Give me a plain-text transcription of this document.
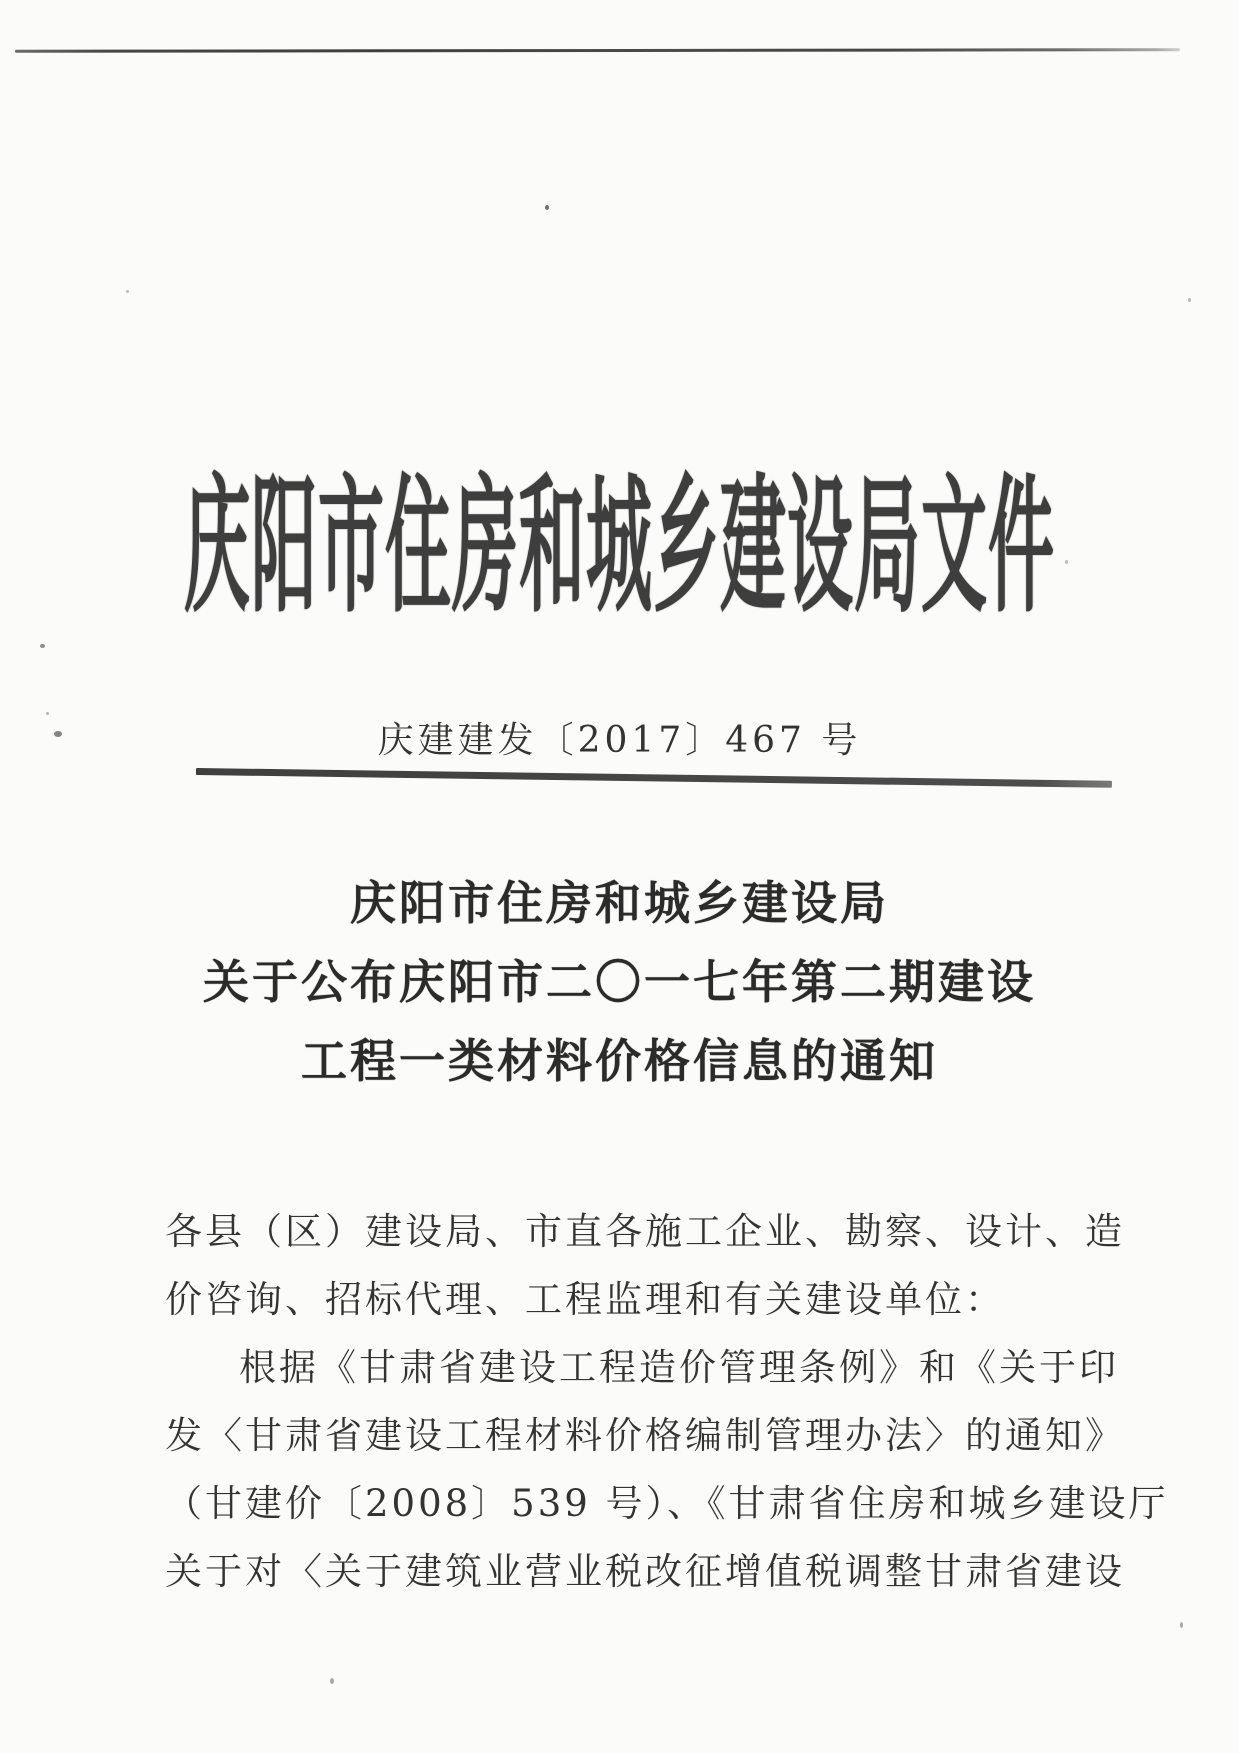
庆阳市住房和城乡建设局文件
庆建建发〔2017〕467 号
庆阳市住房和城乡建设局
关于公布庆阳市二〇一七年第二期建设
工程一类材料价格信息的通知
各县（区）建设局、市直各施工企业、勘察、设计、造
价咨询、招标代理、工程监理和有关建设单位：
根据《甘肃省建设工程造价管理条例》和《关于印
发〈甘肃省建设工程材料价格编制管理办法〉的通知》
（甘建价〔2008〕539 号）、《甘肃省住房和城乡建设厅
关于对〈关于建筑业营业税改征增值税调整甘肃省建设
